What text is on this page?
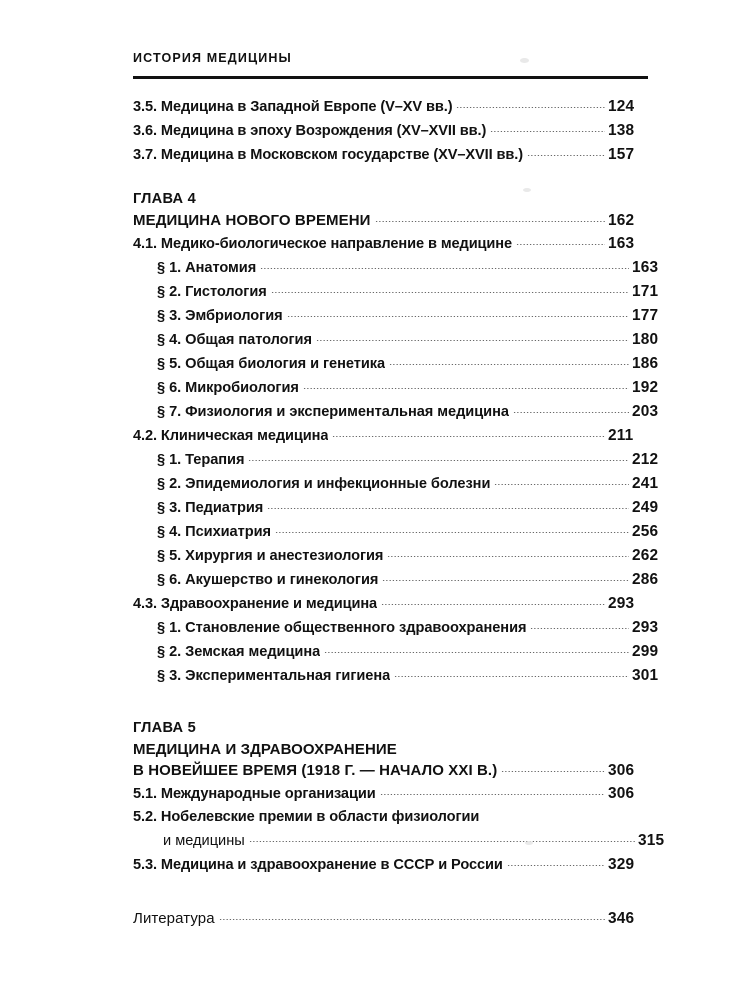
ИСТОРИЯ МЕДИЦИНЫ
3.5. Медицина в Западной Европе (V–XV вв.)	124
3.6. Медицина в эпоху Возрождения (XV–XVII вв.)	138
3.7. Медицина в Московском государстве (XV–XVII вв.)	157
ГЛАВА 4
МЕДИЦИНА НОВОГО ВРЕМЕНИ	162
4.1. Медико-биологическое направление в медицине	163
§ 1. Анатомия	163
§ 2. Гистология	171
§ 3. Эмбриология	177
§ 4. Общая патология	180
§ 5. Общая биология и генетика	186
§ 6. Микробиология	192
§ 7. Физиология и экспериментальная медицина	203
4.2. Клиническая медицина	211
§ 1. Терапия	212
§ 2. Эпидемиология и инфекционные болезни	241
§ 3. Педиатрия	249
§ 4. Психиатрия	256
§ 5. Хирургия и анестезиология	262
§ 6. Акушерство и гинекология	286
4.3. Здравоохранение и медицина	293
§ 1. Становление общественного здравоохранения	293
§ 2. Земская медицина	299
§ 3. Экспериментальная гигиена	301
ГЛАВА 5
МЕДИЦИНА И ЗДРАВООХРАНЕНИЕ
В НОВЕЙШЕЕ ВРЕМЯ (1918 Г. — НАЧАЛО XXI В.)	306
5.1. Международные организации	306
5.2. Нобелевские премии в области физиологии
и медицины	315
5.3. Медицина и здравоохранение в СССР и России	329
Литература	346
